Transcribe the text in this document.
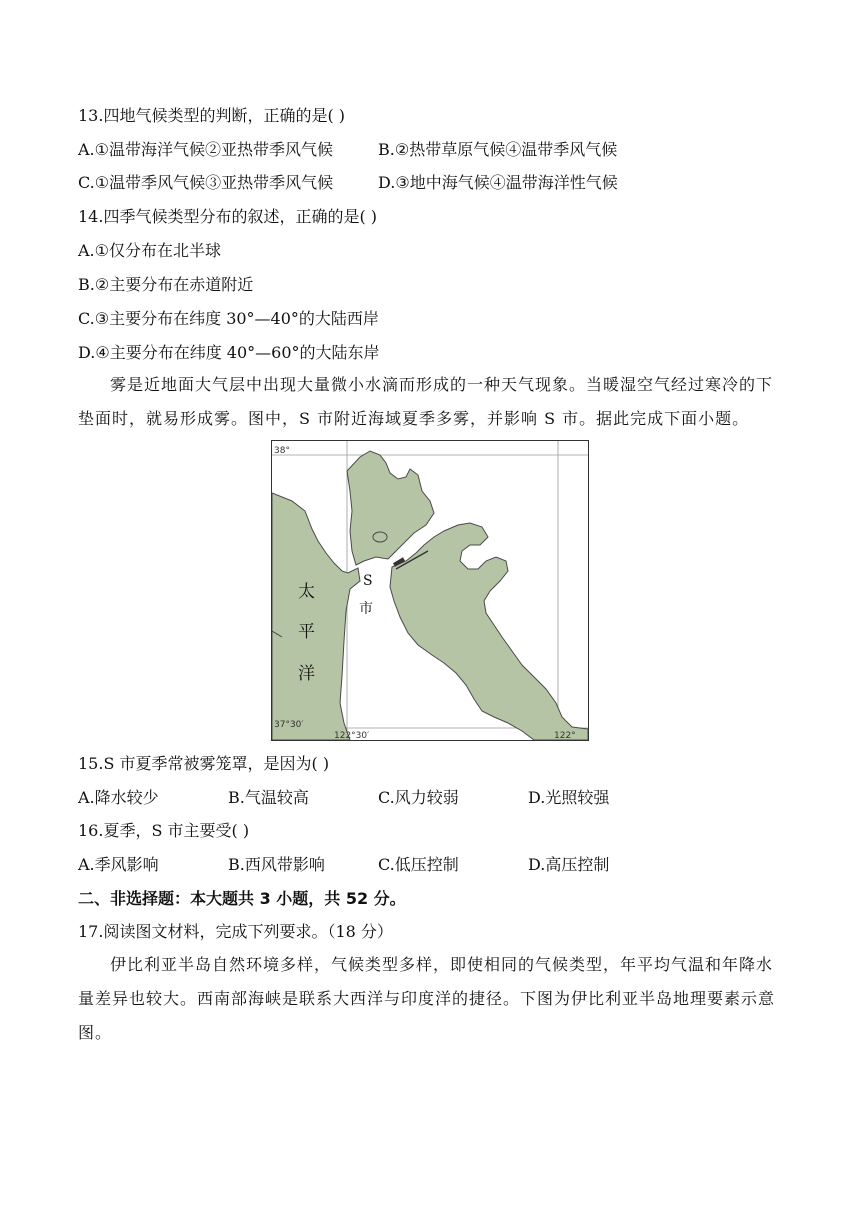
13.四地气候类型的判断，正确的是( )
A.①温带海洋气候②亚热带季风气候	B.②热带草原气候④温带季风气候
C.①温带季风气候③亚热带季风气候	D.③地中海气候④温带海洋性气候
14.四季气候类型分布的叙述，正确的是( )
A.①仅分布在北半球
B.②主要分布在赤道附近
C.③主要分布在纬度 30°—40°的大陆西岸
D.④主要分布在纬度 40°—60°的大陆东岸
雾是近地面大气层中出现大量微小水滴而形成的一种天气现象。当暖湿空气经过寒冷的下垫面时，就易形成雾。图中，S 市附近海域夏季多雾，并影响 S 市。据此完成下面小题。
38°
37°30′
122°30′	122°
太
平
洋
S
市
15.S 市夏季常被雾笼罩，是因为( )
A.降水较少	B.气温较高	C.风力较弱	D.光照较强
16.夏季，S 市主要受( )
A.季风影响	B.西风带影响	C.低压控制	D.高压控制
二、非选择题：本大题共 3 小题，共 52 分。
17.阅读图文材料，完成下列要求。（18 分）
伊比利亚半岛自然环境多样，气候类型多样，即使相同的气候类型，年平均气温和年降水量差异也较大。西南部海峡是联系大西洋与印度洋的捷径。下图为伊比利亚半岛地理要素示意图。
